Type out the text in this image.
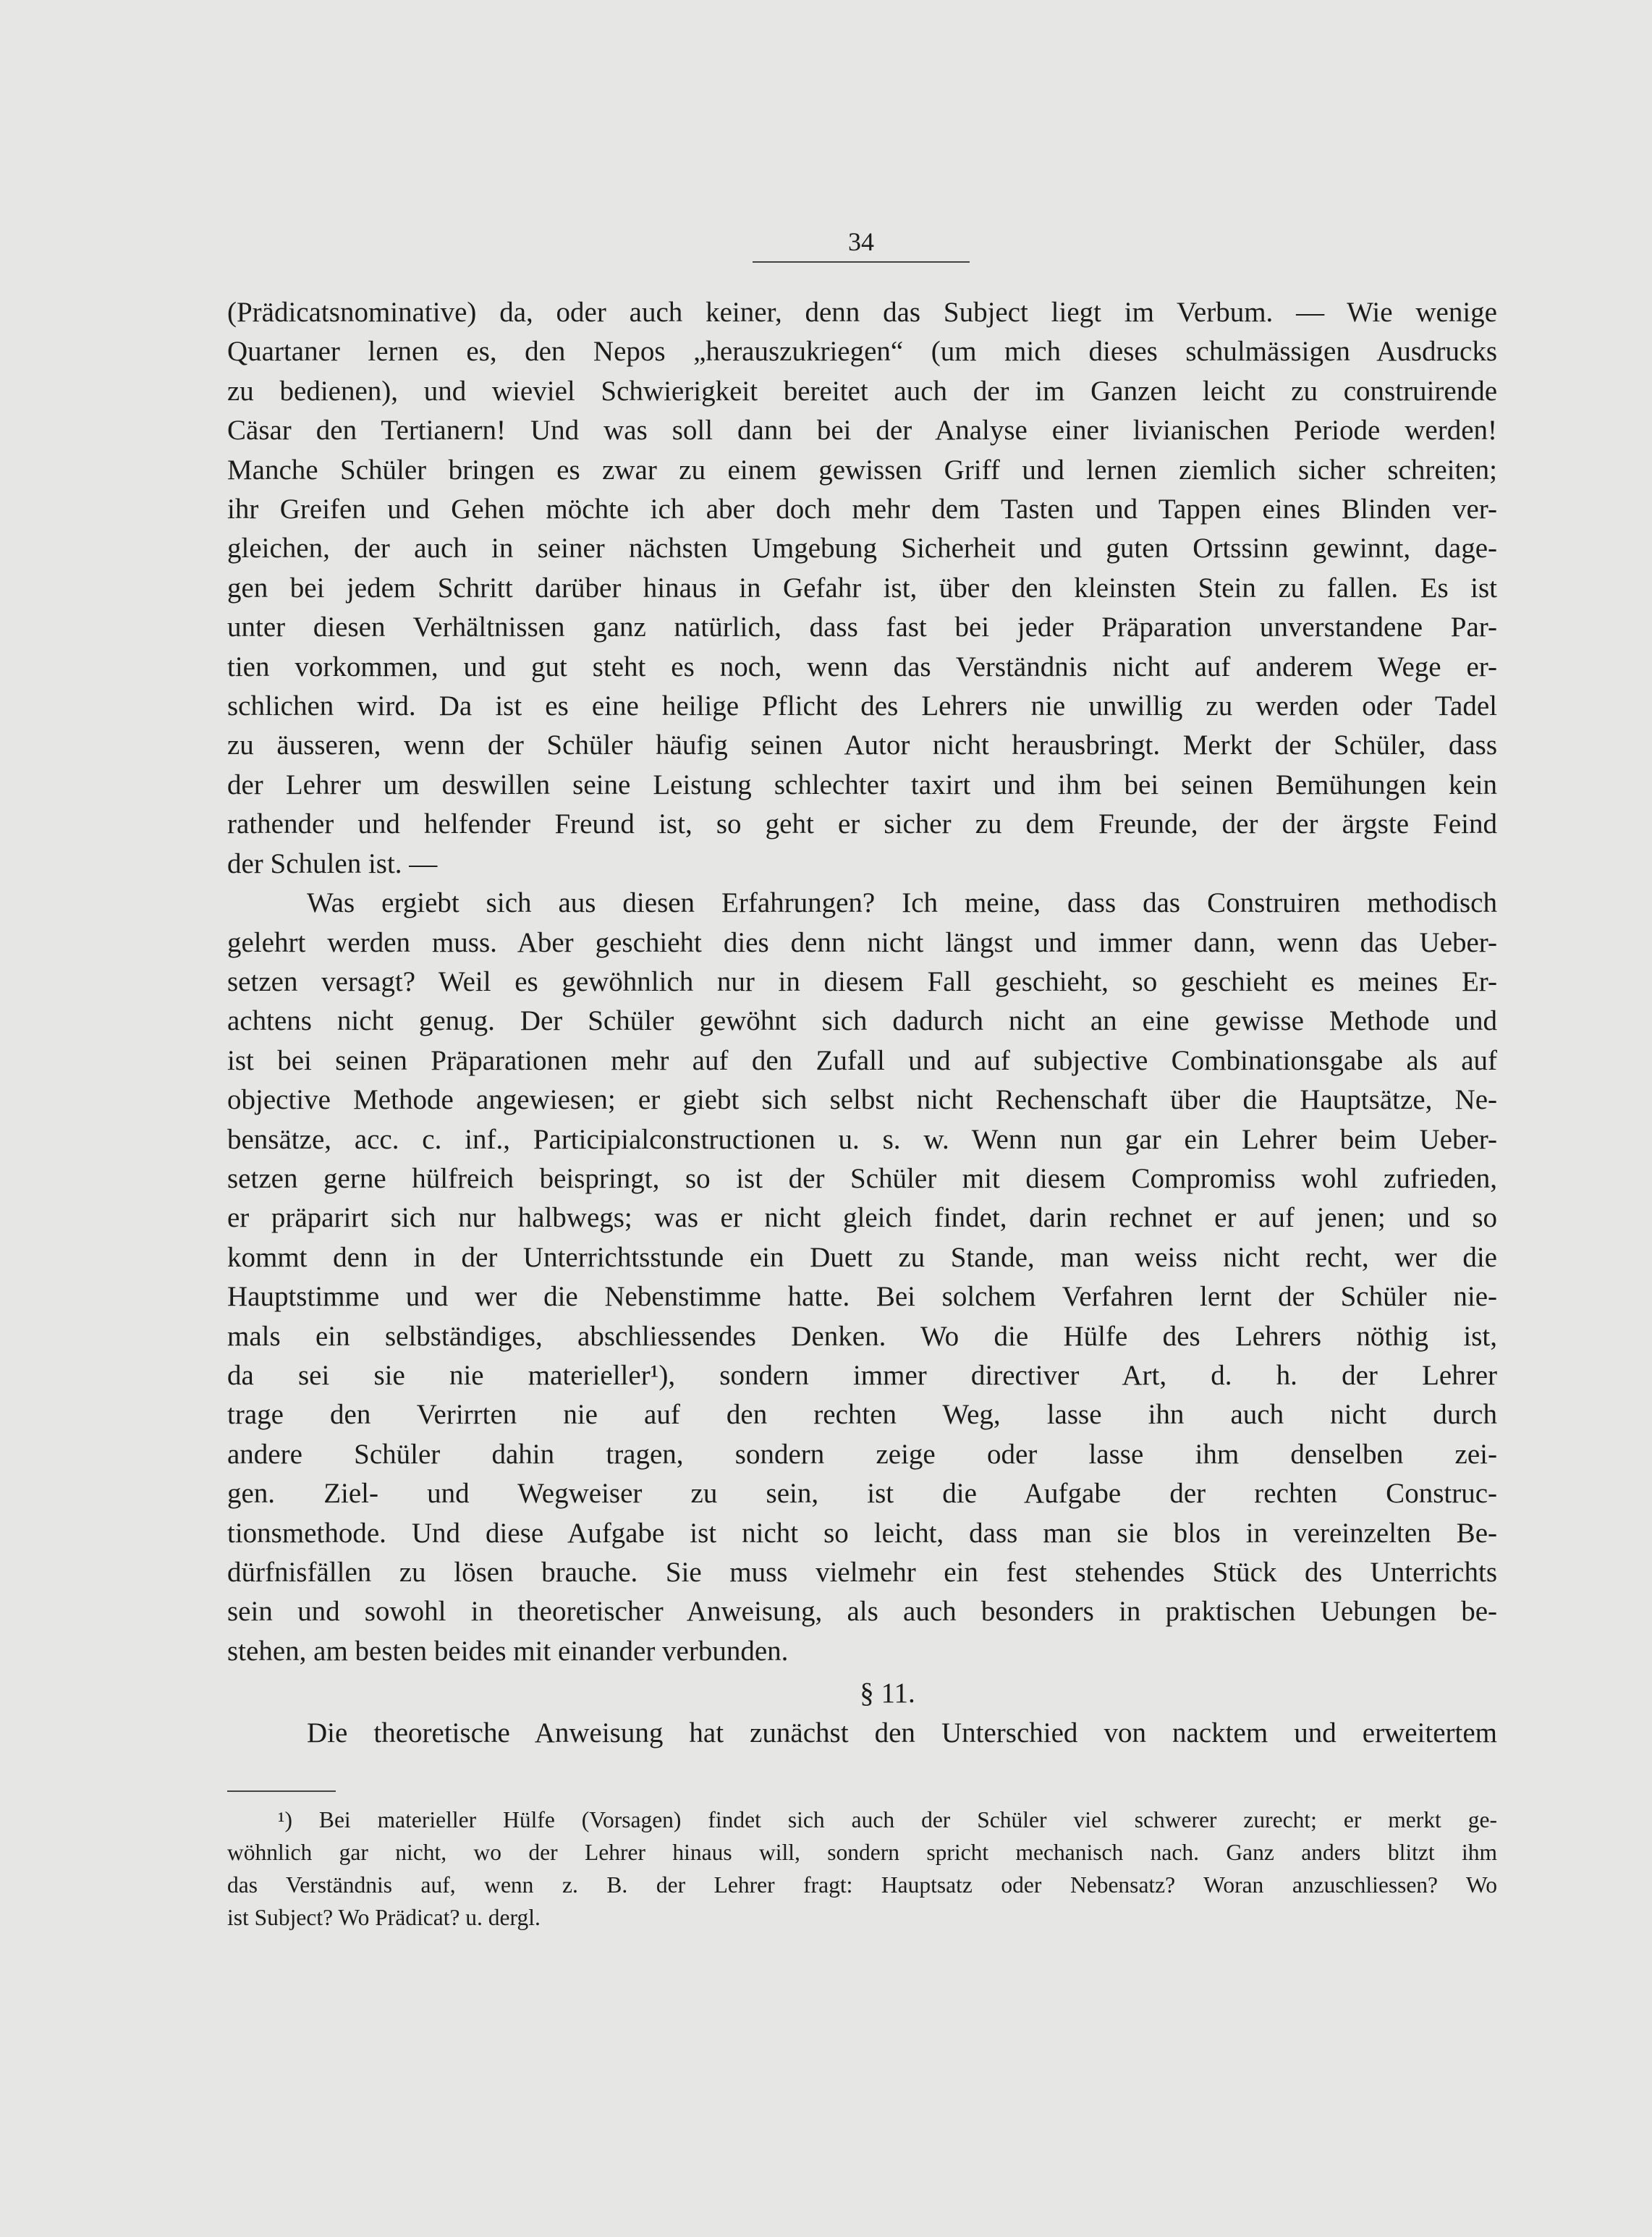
34
(Prädicatsnominative) da, oder auch keiner, denn das Subject liegt im Verbum. — Wie wenige
Quartaner lernen es, den Nepos „herauszukriegen“ (um mich dieses schulmässigen Ausdrucks
zu bedienen), und wieviel Schwierigkeit bereitet auch der im Ganzen leicht zu construirende
Cäsar den Tertianern! Und was soll dann bei der Analyse einer livianischen Periode werden!
Manche Schüler bringen es zwar zu einem gewissen Griff und lernen ziemlich sicher schreiten;
ihr Greifen und Gehen möchte ich aber doch mehr dem Tasten und Tappen eines Blinden ver-
gleichen, der auch in seiner nächsten Umgebung Sicherheit und guten Ortssinn gewinnt, dage-
gen bei jedem Schritt darüber hinaus in Gefahr ist, über den kleinsten Stein zu fallen. Es ist
unter diesen Verhältnissen ganz natürlich, dass fast bei jeder Präparation unverstandene Par-
tien vorkommen, und gut steht es noch, wenn das Verständnis nicht auf anderem Wege er-
schlichen wird. Da ist es eine heilige Pflicht des Lehrers nie unwillig zu werden oder Tadel
zu äusseren, wenn der Schüler häufig seinen Autor nicht herausbringt. Merkt der Schüler, dass
der Lehrer um deswillen seine Leistung schlechter taxirt und ihm bei seinen Bemühungen kein
rathender und helfender Freund ist, so geht er sicher zu dem Freunde, der der ärgste Feind
der Schulen ist. —
Was ergiebt sich aus diesen Erfahrungen? Ich meine, dass das Construiren methodisch
gelehrt werden muss. Aber geschieht dies denn nicht längst und immer dann, wenn das Ueber-
setzen versagt? Weil es gewöhnlich nur in diesem Fall geschieht, so geschieht es meines Er-
achtens nicht genug. Der Schüler gewöhnt sich dadurch nicht an eine gewisse Methode und
ist bei seinen Präparationen mehr auf den Zufall und auf subjective Combinationsgabe als auf
objective Methode angewiesen; er giebt sich selbst nicht Rechenschaft über die Hauptsätze, Ne-
bensätze, acc. c. inf., Participialconstructionen u. s. w. Wenn nun gar ein Lehrer beim Ueber-
setzen gerne hülfreich beispringt, so ist der Schüler mit diesem Compromiss wohl zufrieden,
er präparirt sich nur halbwegs; was er nicht gleich findet, darin rechnet er auf jenen; und so
kommt denn in der Unterrichtsstunde ein Duett zu Stande, man weiss nicht recht, wer die
Hauptstimme und wer die Nebenstimme hatte. Bei solchem Verfahren lernt der Schüler nie-
mals ein selbständiges, abschliessendes Denken. Wo die Hülfe des Lehrers nöthig ist,
da sei sie nie materieller¹), sondern immer directiver Art, d. h. der Lehrer
trage den Verirrten nie auf den rechten Weg, lasse ihn auch nicht durch
andere Schüler dahin tragen, sondern zeige oder lasse ihm denselben zei-
gen. Ziel- und Wegweiser zu sein, ist die Aufgabe der rechten Construc-
tionsmethode. Und diese Aufgabe ist nicht so leicht, dass man sie blos in vereinzelten Be-
dürfnisfällen zu lösen brauche. Sie muss vielmehr ein fest stehendes Stück des Unterrichts
sein und sowohl in theoretischer Anweisung, als auch besonders in praktischen Uebungen be-
stehen, am besten beides mit einander verbunden.
§ 11.
Die theoretische Anweisung hat zunächst den Unterschied von nacktem und erweitertem
¹) Bei materieller Hülfe (Vorsagen) findet sich auch der Schüler viel schwerer zurecht; er merkt ge-
wöhnlich gar nicht, wo der Lehrer hinaus will, sondern spricht mechanisch nach. Ganz anders blitzt ihm
das Verständnis auf, wenn z. B. der Lehrer fragt: Hauptsatz oder Nebensatz? Woran anzuschliessen? Wo
ist Subject? Wo Prädicat? u. dergl.
